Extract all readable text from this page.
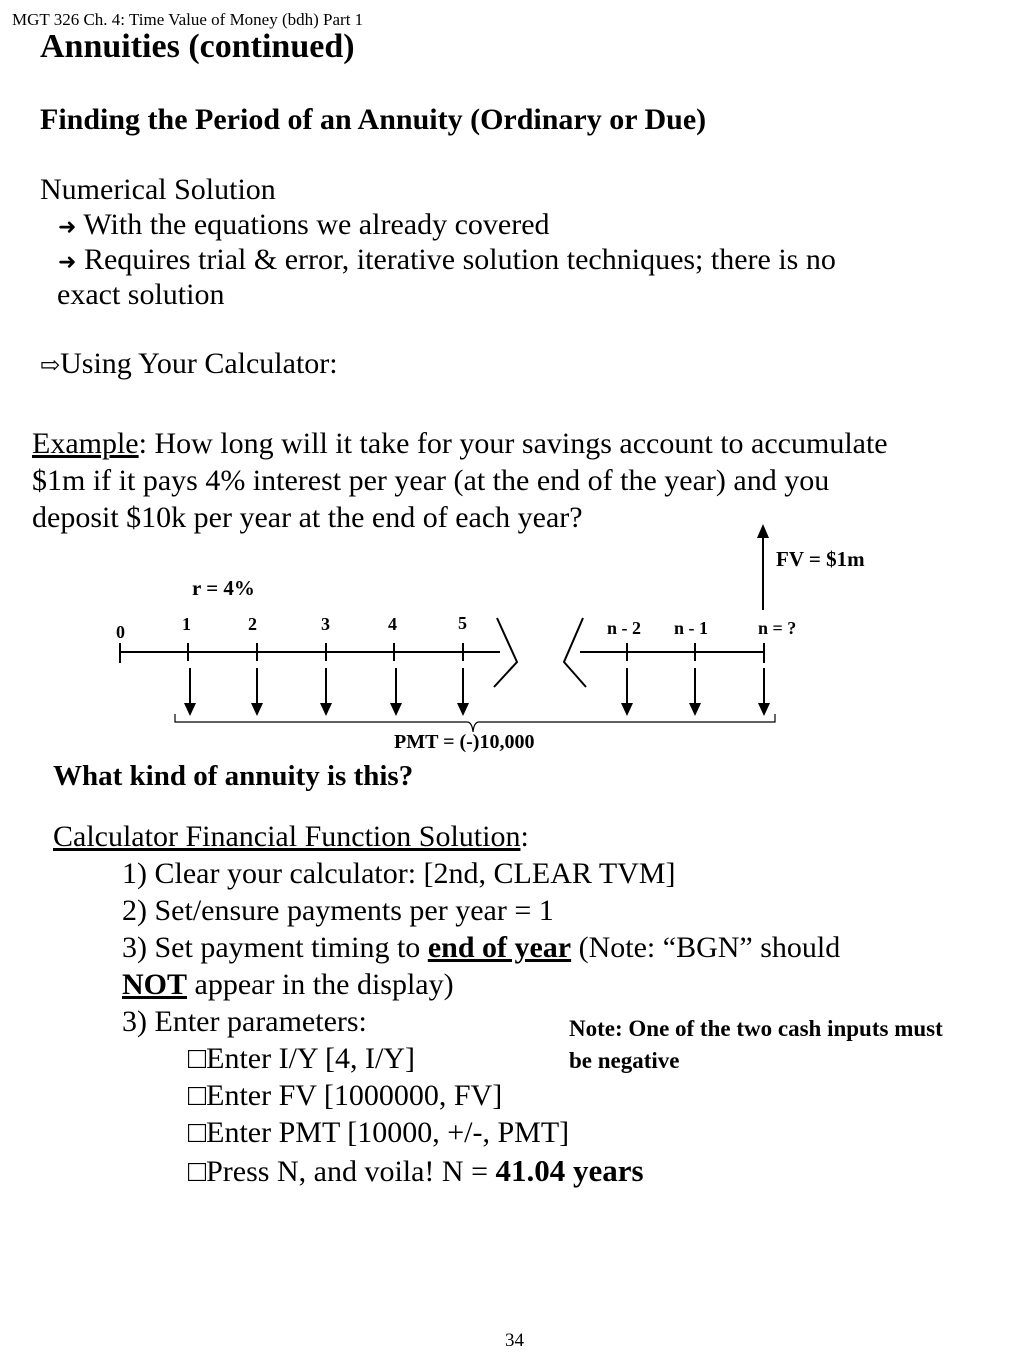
MGT 326 Ch. 4: Time Value of Money (bdh) Part 1
Annuities (continued)
Finding the Period of an Annuity (Ordinary or Due)
Numerical Solution
➜ With the equations we already covered
➜ Requires trial & error, iterative solution techniques; there is no
exact solution
⇨Using Your Calculator:
Example: How long will it take for your savings account to accumulate
$1m if it pays 4% interest per year (at the end of the year) and you
deposit $10k per year at the end of each year?
FV = $1m
r = 4%
0	1	2	3	4	5	n - 2 n - 1	n = ?
PMT = (-)10,000
What kind of annuity is this?
Calculator Financial Function Solution:
1) Clear your calculator: [2nd, CLEAR TVM]
2) Set/ensure payments per year = 1
3) Set payment timing to end of year (Note: “BGN” should
NOT appear in the display)
3) Enter parameters:
□Enter I/Y [4, I/Y]
□Enter FV [1000000, FV]
□Enter PMT [10000, +/-, PMT]
□Press N, and voila! N = 41.04 years
Note: One of the two cash inputs must be negative
34
